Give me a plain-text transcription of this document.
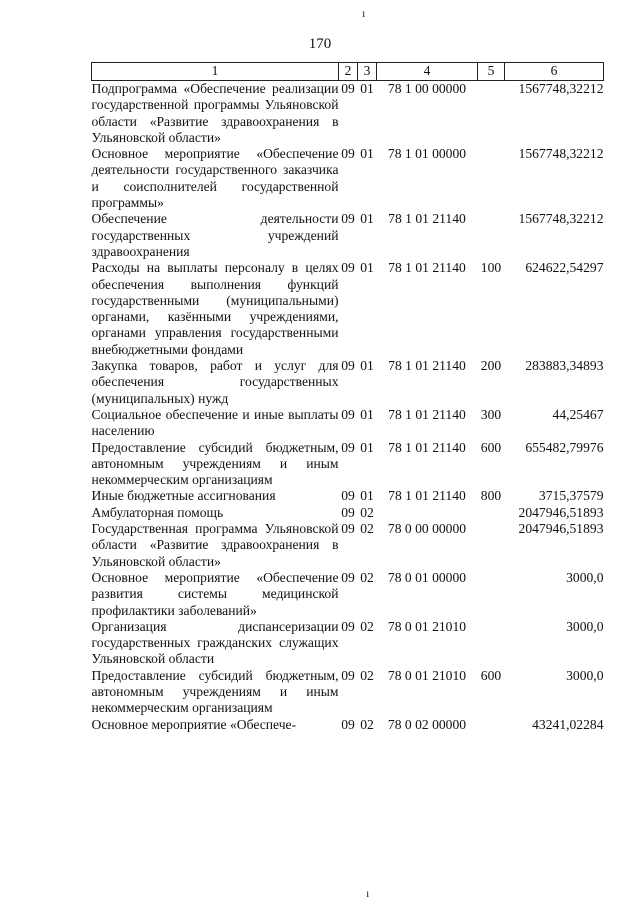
ı
170
1	2	3	4	5	6
Подпрограмма «Обеспечение реализации государственной программы Ульяновской области «Развитие здравоохранения в Ульяновской области»	09	01	78 1 00 00000		1567748,32212
Основное мероприятие «Обеспечение деятельности государственного заказчика и соисполнителей государственной программы»	09	01	78 1 01 00000		1567748,32212
Обеспечение деятельности государственных учреждений здравоохранения	09	01	78 1 01 21140		1567748,32212
Расходы на выплаты персоналу в целях обеспечения выполнения функций государственными (муниципальными) органами, казёнными учреждениями, органами управления государственными внебюджетными фондами	09	01	78 1 01 21140	100	624622,54297
Закупка товаров, работ и услуг для обеспечения государственных (муниципальных) нужд	09	01	78 1 01 21140	200	283883,34893
Социальное обеспечение и иные выплаты населению	09	01	78 1 01 21140	300	44,25467
Предоставление субсидий бюджетным, автономным учреждениям и иным некоммерческим организациям	09	01	78 1 01 21140	600	655482,79976
Иные бюджетные ассигнования	09	01	78 1 01 21140	800	3715,37579
Амбулаторная помощь	09	02			2047946,51893
Государственная программа Ульяновской области «Развитие здравоохранения в Ульяновской области»	09	02	78 0 00 00000		2047946,51893
Основное мероприятие «Обеспечение развития системы медицинской профилактики заболеваний»	09	02	78 0 01 00000		3000,0
Организация диспансеризации государственных гражданских служащих Ульяновской области	09	02	78 0 01 21010		3000,0
Предоставление субсидий бюджетным, автономным учреждениям и иным некоммерческим организациям	09	02	78 0 01 21010	600	3000,0
Основное мероприятие «Обеспече-	09	02	78 0 02 00000		43241,02284
ı
